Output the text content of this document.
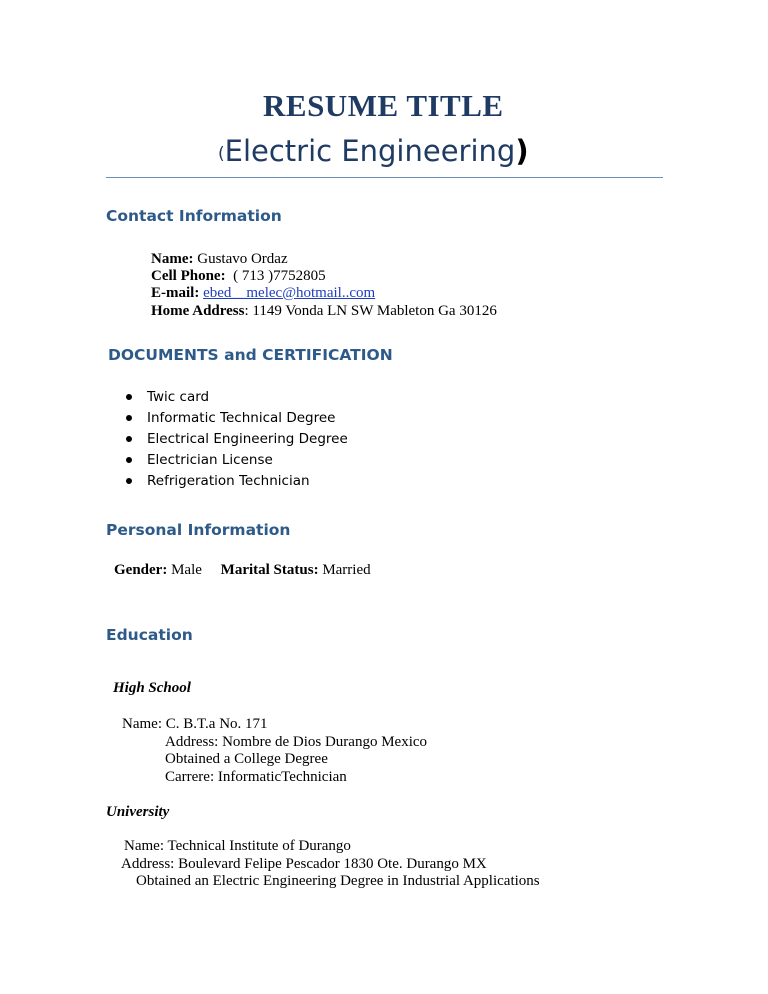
RESUME TITLE
(Electric Engineering)
Contact Information
Name: Gustavo Ordaz
Cell Phone: ( 713 )7752805
E-mail: ebed__melec@hotmail..com
Home Address: 1149 Vonda LN SW Mableton Ga 30126
DOCUMENTS and CERTIFICATION
Twic card
Informatic Technical Degree
Electrical Engineering Degree
Electrician License
Refrigeration Technician
Personal Information
Gender: Male Marital Status: Married
Education
High School
Name: C. B.T.a No. 171
Address: Nombre de Dios Durango Mexico
Obtained a College Degree
Carrere: InformaticTechnician
University
Name: Technical Institute of Durango
Address: Boulevard Felipe Pescador 1830 Ote. Durango MX
Obtained an Electric Engineering Degree in Industrial Applications
